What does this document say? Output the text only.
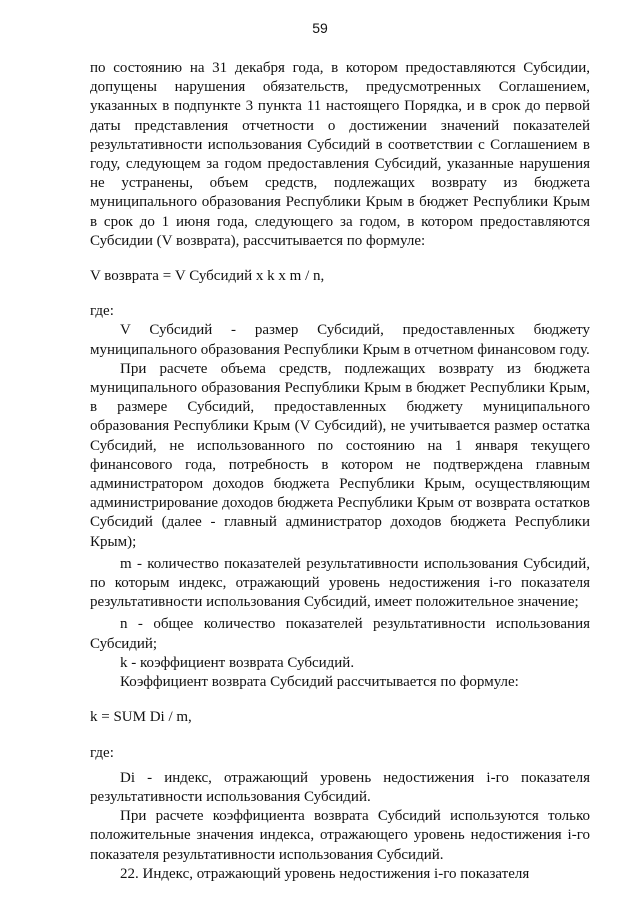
59

по состоянию на 31 декабря года, в котором предоставляются Субсидии, допущены нарушения обязательств, предусмотренных Соглашением, указанных в подпункте 3 пункта 11 настоящего Порядка, и в срок до первой даты представления отчетности о достижении значений показателей результативности использования Субсидий в соответствии с Соглашением в году, следующем за годом предоставления Субсидий, указанные нарушения не устранены, объем средств, подлежащих возврату из бюджета муниципального образования Республики Крым в бюджет Республики Крым в срок до 1 июня года, следующего за годом, в котором предоставляются Субсидии (V возврата), рассчитывается по формуле:

V возврата = V Субсидий x k x m / n,

где:

V Субсидий - размер Субсидий, предоставленных бюджету муниципального образования Республики Крым в отчетном финансовом году.

При расчете объема средств, подлежащих возврату из бюджета муниципального образования Республики Крым в бюджет Республики Крым, в размере Субсидий, предоставленных бюджету муниципального образования Республики Крым (V Субсидий), не учитывается размер остатка Субсидий, не использованного по состоянию на 1 января текущего финансового года, потребность в котором не подтверждена главным администратором доходов бюджета Республики Крым, осуществляющим администрирование доходов бюджета Республики Крым от возврата остатков Субсидий (далее - главный администратор доходов бюджета Республики Крым);

m - количество показателей результативности использования Субсидий, по которым индекс, отражающий уровень недостижения i-го показателя результативности использования Субсидий, имеет положительное значение;

n - общее количество показателей результативности использования Субсидий;

k - коэффициент возврата Субсидий.

Коэффициент возврата Субсидий рассчитывается по формуле:

k = SUM Di / m,

где:

Di - индекс, отражающий уровень недостижения i-го показателя результативности использования Субсидий.

При расчете коэффициента возврата Субсидий используются только положительные значения индекса, отражающего уровень недостижения i-го показателя результативности использования Субсидий.

22. Индекс, отражающий уровень недостижения i-го показателя
